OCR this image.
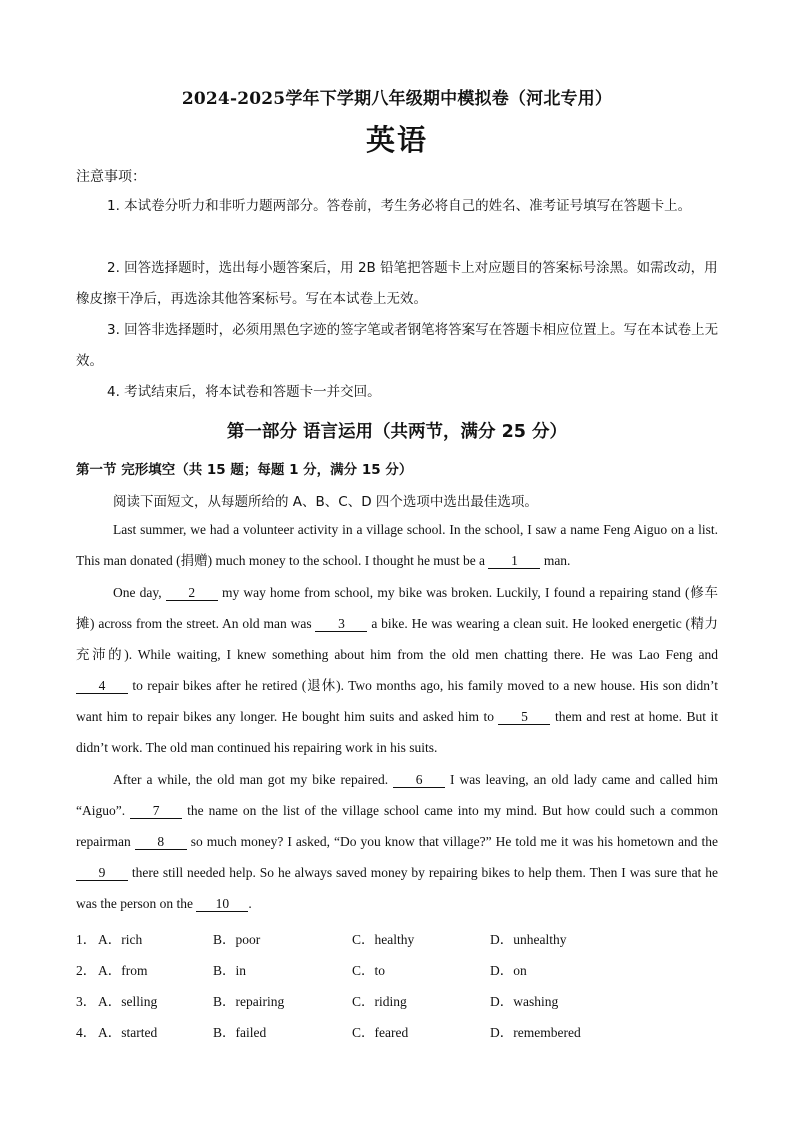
2024-2025学年下学期八年级期中模拟卷（河北专用）
英语
注意事项：
1. 本试卷分听力和非听力题两部分。答卷前，考生务必将自己的姓名、准考证号填写在答题卡上。
2. 回答选择题时，选出每小题答案后，用 2B 铅笔把答题卡上对应题目的答案标号涂黑。如需改动，用橡皮擦干净后，再选涂其他答案标号。写在本试卷上无效。
3. 回答非选择题时，必须用黑色字迹的签字笔或者钢笔将答案写在答题卡相应位置上。写在本试卷上无效。
4. 考试结束后，将本试卷和答题卡一并交回。
第一部分 语言运用（共两节，满分 25 分）
第一节 完形填空（共 15 题；每题 1 分，满分 15 分）
阅读下面短文，从每题所给的 A、B、C、D 四个选项中选出最佳选项。
Last summer, we had a volunteer activity in a village school. In the school, I saw a name Feng Aiguo on a list. This man donated (捐赠) much money to the school. I thought he must be a 1 man.
One day, 2 my way home from school, my bike was broken. Luckily, I found a repairing stand (修车摊) across from the street. An old man was 3 a bike. He was wearing a clean suit. He looked energetic (精力充沛的). While waiting, I knew something about him from the old men chatting there. He was Lao Feng and 4 to repair bikes after he retired (退休). Two months ago, his family moved to a new house. His son didn’t want him to repair bikes any longer. He bought him suits and asked him to 5 them and rest at home. But it didn’t work. The old man continued his repairing work in his suits.
After a while, the old man got my bike repaired. 6 I was leaving, an old lady came and called him “Aiguo”. 7 the name on the list of the village school came into my mind. But how could such a common repairman 8 so much money? I asked, “Do you know that village?” He told me it was his hometown and the 9 there still needed help. So he always saved money by repairing bikes to help them. Then I was sure that he was the person on the 10 .
1． A．rich	B．poor	C．healthy	D．unhealthy
2． A．from	B．in	C．to	D．on
3． A．selling	B．repairing	C．riding	D．washing
4． A．started	B．failed	C．feared	D．remembered
